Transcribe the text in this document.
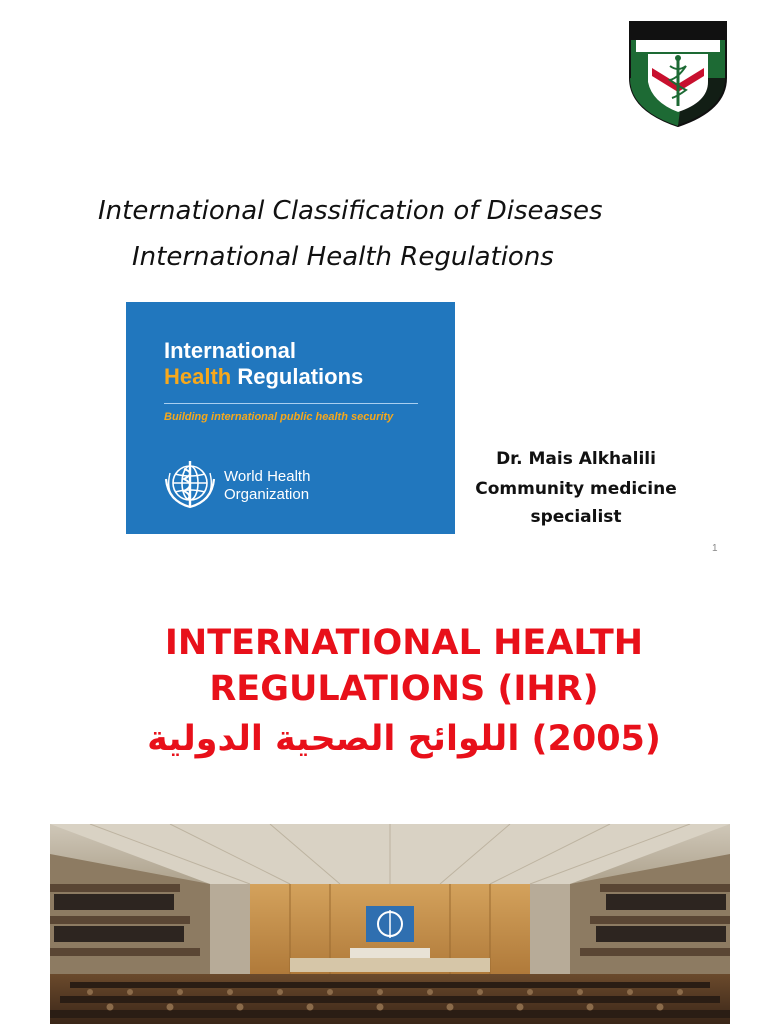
International Classification of Diseases
International Health Regulations
International
Health Regulations
Building international public health security
World Health
Organization
Dr. Mais Alkhalili
Community medicine
specialist
1
INTERNATIONAL HEALTH
REGULATIONS (IHR)
(2005) اللوائح الصحية الدولية
